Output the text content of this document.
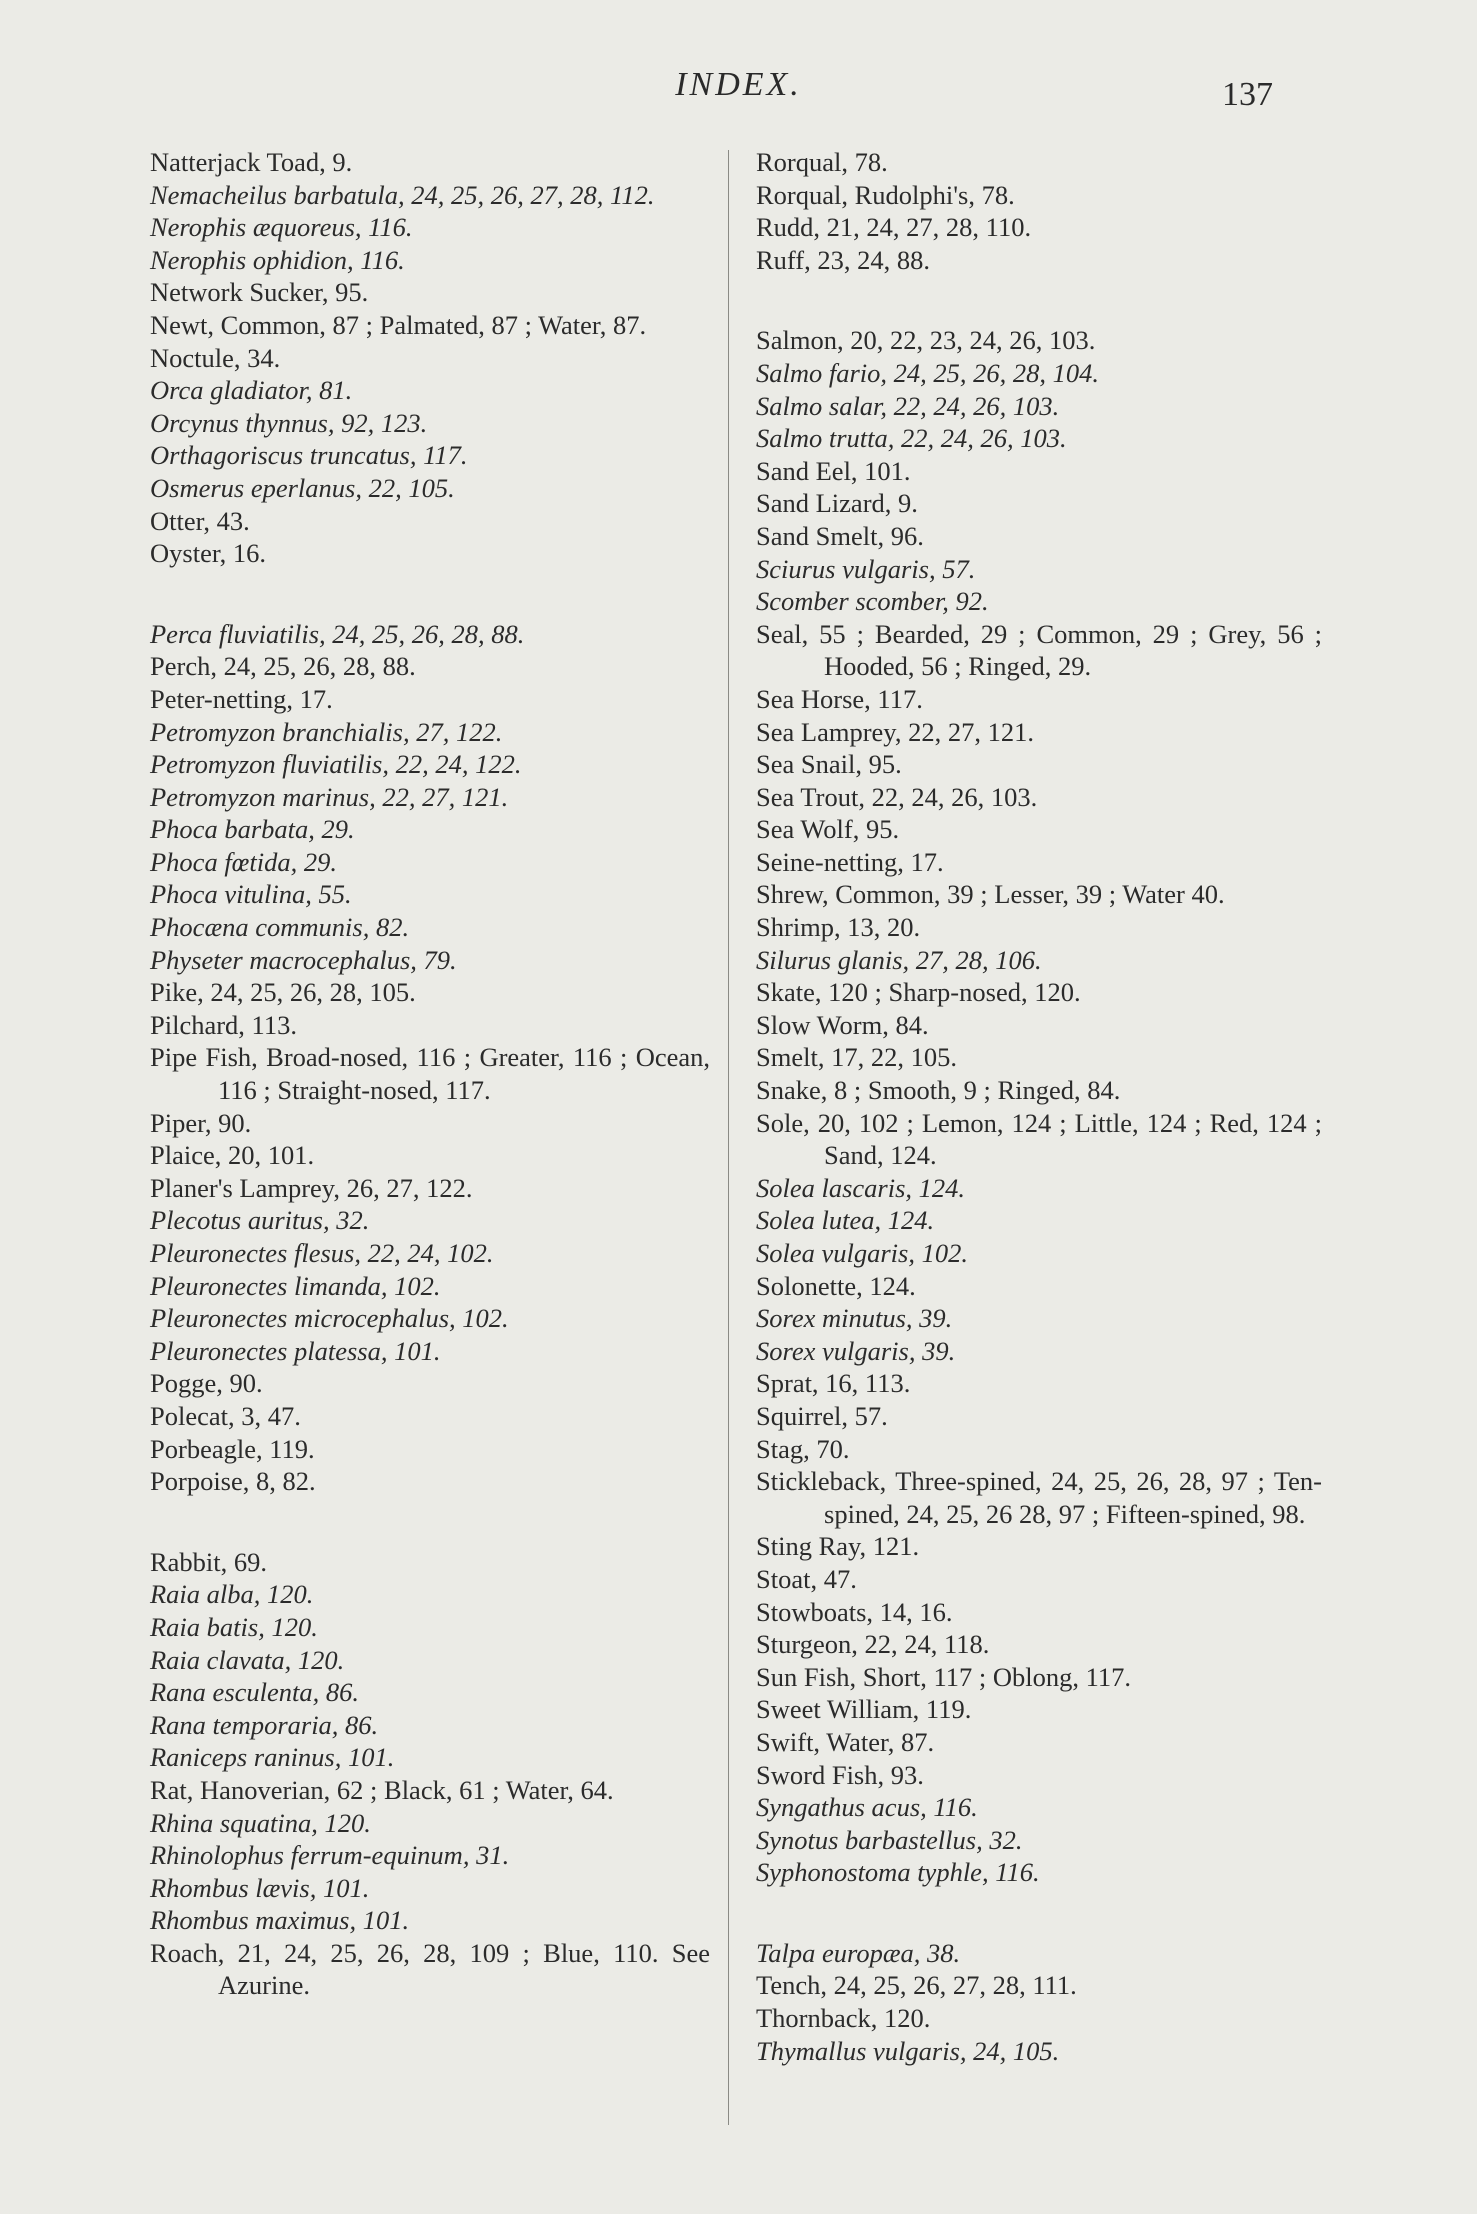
INDEX.	137

Natterjack Toad, 9.

Nemacheilus barbatula, 24, 25, 26, 27, 28, 112.

Nerophis æquoreus, 116.

Nerophis ophidion, 116.

Network Sucker, 95.

Newt, Common, 87 ; Palmated, 87 ; Water, 87.

Noctule, 34.

Orca gladiator, 81.

Orcynus thynnus, 92, 123.

Orthagoriscus truncatus, 117.

Osmerus eperlanus, 22, 105.

Otter, 43.

Oyster, 16.

Perca fluviatilis, 24, 25, 26, 28, 88.

Perch, 24, 25, 26, 28, 88.

Peter-netting, 17.

Petromyzon branchialis, 27, 122.

Petromyzon fluviatilis, 22, 24, 122.

Petromyzon marinus, 22, 27, 121.

Phoca barbata, 29.

Phoca fœtida, 29.

Phoca vitulina, 55.

Phocæna communis, 82.

Physeter macrocephalus, 79.

Pike, 24, 25, 26, 28, 105.

Pilchard, 113.

Pipe Fish, Broad-nosed, 116 ; Greater, 116 ; Ocean, 116 ; Straight-nosed, 117.

Piper, 90.

Plaice, 20, 101.

Planer's Lamprey, 26, 27, 122.

Plecotus auritus, 32.

Pleuronectes flesus, 22, 24, 102.

Pleuronectes limanda, 102.

Pleuronectes microcephalus, 102.

Pleuronectes platessa, 101.

Pogge, 90.

Polecat, 3, 47.

Porbeagle, 119.

Porpoise, 8, 82.

Rabbit, 69.

Raia alba, 120.

Raia batis, 120.

Raia clavata, 120.

Rana esculenta, 86.

Rana temporaria, 86.

Raniceps raninus, 101.

Rat, Hanoverian, 62 ; Black, 61 ; Water, 64.

Rhina squatina, 120.

Rhinolophus ferrum-equinum, 31.

Rhombus lævis, 101.

Rhombus maximus, 101.

Roach, 21, 24, 25, 26, 28, 109 ; Blue, 110. See Azurine.

Rorqual, 78.

Rorqual, Rudolphi's, 78.

Rudd, 21, 24, 27, 28, 110.

Ruff, 23, 24, 88.

Salmon, 20, 22, 23, 24, 26, 103.

Salmo fario, 24, 25, 26, 28, 104.

Salmo salar, 22, 24, 26, 103.

Salmo trutta, 22, 24, 26, 103.

Sand Eel, 101.

Sand Lizard, 9.

Sand Smelt, 96.

Sciurus vulgaris, 57.

Scomber scomber, 92.

Seal, 55 ; Bearded, 29 ; Common, 29 ; Grey, 56 ; Hooded, 56 ; Ringed, 29.

Sea Horse, 117.

Sea Lamprey, 22, 27, 121.

Sea Snail, 95.

Sea Trout, 22, 24, 26, 103.

Sea Wolf, 95.

Seine-netting, 17.

Shrew, Common, 39 ; Lesser, 39 ; Water 40.

Shrimp, 13, 20.

Silurus glanis, 27, 28, 106.

Skate, 120 ; Sharp-nosed, 120.

Slow Worm, 84.

Smelt, 17, 22, 105.

Snake, 8 ; Smooth, 9 ; Ringed, 84.

Sole, 20, 102 ; Lemon, 124 ; Little, 124 ; Red, 124 ; Sand, 124.

Solea lascaris, 124.

Solea lutea, 124.

Solea vulgaris, 102.

Solonette, 124.

Sorex minutus, 39.

Sorex vulgaris, 39.

Sprat, 16, 113.

Squirrel, 57.

Stag, 70.

Stickleback, Three-spined, 24, 25, 26, 28, 97 ; Ten-spined, 24, 25, 26 28, 97 ; Fifteen-spined, 98.

Sting Ray, 121.

Stoat, 47.

Stowboats, 14, 16.

Sturgeon, 22, 24, 118.

Sun Fish, Short, 117 ; Oblong, 117.

Sweet William, 119.

Swift, Water, 87.

Sword Fish, 93.

Syngathus acus, 116.

Synotus barbastellus, 32.

Syphonostoma typhle, 116.

Talpa europæa, 38.

Tench, 24, 25, 26, 27, 28, 111.

Thornback, 120.

Thymallus vulgaris, 24, 105.
